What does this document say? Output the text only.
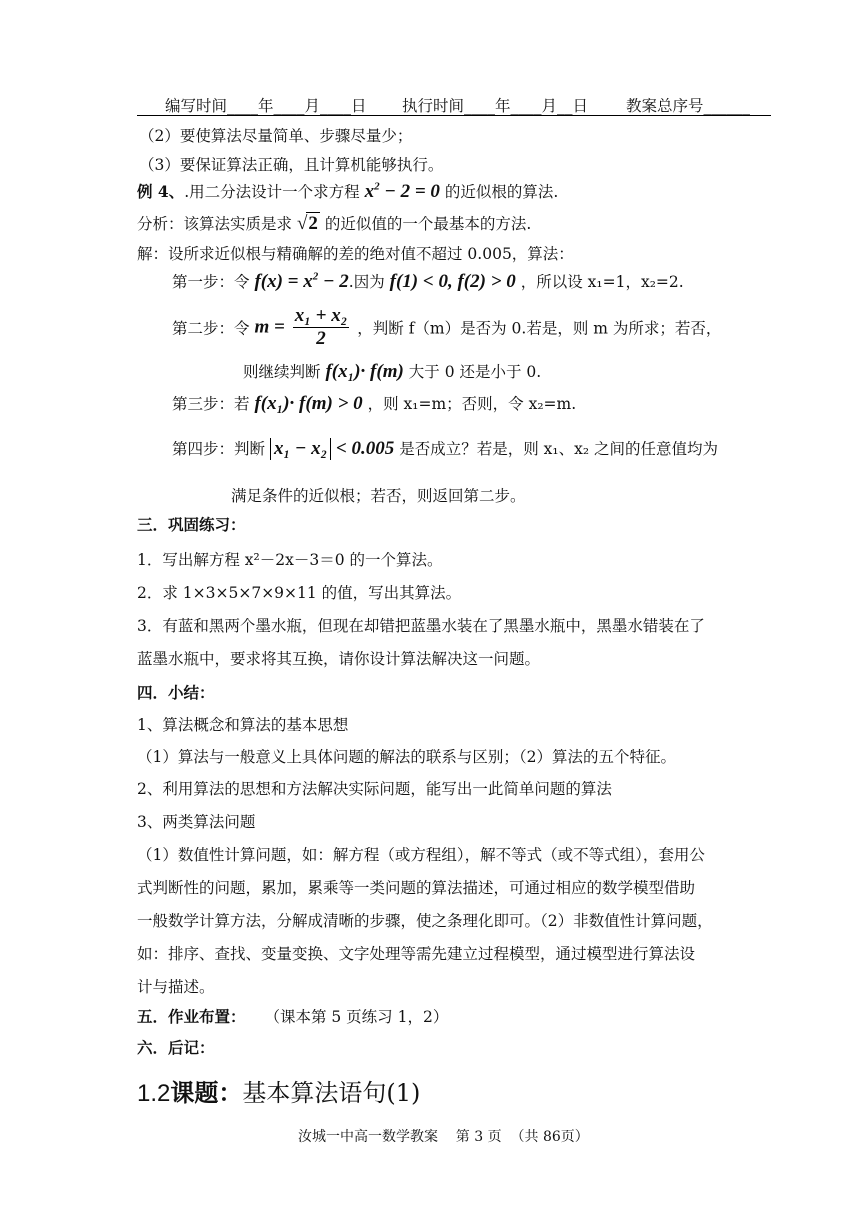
编写时间____年____月____日 执行时间____年____月__日 教案总序号______
（2）要使算法尽量简单、步骤尽量少；
（3）要保证算法正确，且计算机能够执行。
例 4、.用二分法设计一个求方程 $x^2 - 2 = 0$ 的近似根的算法.
分析：该算法实质是求 √2 的近似值的一个最基本的方法.
解：设所求近似根与精确解的差的绝对值不超过 0.005，算法：
第一步：令 $f(x) = x^2 - 2$.因为 f(1) < 0, f(2) > 0 ，所以设 x₁=1，x₂=2.
第二步：令 $m = \frac{\text{x₁ + x₂}}{2}$ ，判断 f（m）是否为 0.若是，则 m 为所求；若否，
则继续判断 f(x₁)· f(m) 大于 0 还是小于 0.
第三步：若 f(x₁)· f(m) > 0 ，则 x₁=m；否则，令 x₂=m.
第四步：判断 x₁ − x₂ < 0.005 是否成立？若是，则 x₁、x₂ 之间的任意值均为
满足条件的近似根；若否，则返回第二步。
三．巩固练习：
1．写出解方程 x²－2x－3＝0 的一个算法。
2．求 1×3×5×7×9×11 的值，写出其算法。
3．有蓝和黑两个墨水瓶，但现在却错把蓝墨水装在了黑墨水瓶中，黑墨水错装在了
蓝墨水瓶中，要求将其互换，请你设计算法解决这一问题。
四．小结：
1、算法概念和算法的基本思想
（1）算法与一般意义上具体问题的解法的联系与区别；（2）算法的五个特征。
2、利用算法的思想和方法解决实际问题，能写出一此简单问题的算法
3、两类算法问题
（1）数值性计算问题，如：解方程（或方程组），解不等式（或不等式组），套用公
式判断性的问题，累加，累乘等一类问题的算法描述，可通过相应的数学模型借助
一般数学计算方法，分解成清晰的步骤，使之条理化即可。（2）非数值性计算问题，
如：排序、查找、变量变换、文字处理等需先建立过程模型，通过模型进行算法设
计与描述。
五．作业布置： （课本第 5 页练习 1，2）
六．后记：
1.2课题：基本算法语句(1)
汝城一中高一数学教案    第 3 页  （共 86页）
